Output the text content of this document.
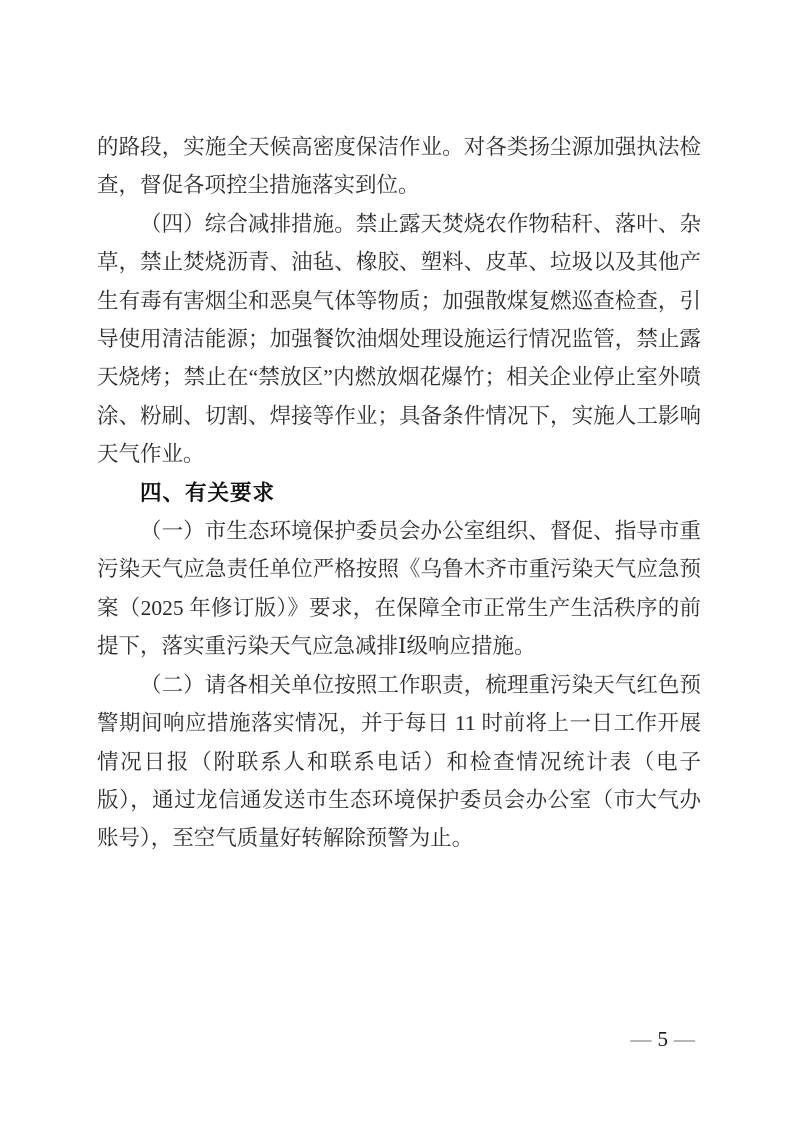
的路段，实施全天候高密度保洁作业。对各类扬尘源加强执法检查，督促各项控尘措施落实到位。

（四）综合减排措施。禁止露天焚烧农作物秸秆、落叶、杂草，禁止焚烧沥青、油毡、橡胶、塑料、皮革、垃圾以及其他产生有毒有害烟尘和恶臭气体等物质；加强散煤复燃巡查检查，引导使用清洁能源；加强餐饮油烟处理设施运行情况监管，禁止露天烧烤；禁止在“禁放区”内燃放烟花爆竹；相关企业停止室外喷涂、粉刷、切割、焊接等作业；具备条件情况下，实施人工影响天气作业。

四、有关要求

（一）市生态环境保护委员会办公室组织、督促、指导市重污染天气应急责任单位严格按照《乌鲁木齐市重污染天气应急预案（2025 年修订版）》要求，在保障全市正常生产生活秩序的前提下，落实重污染天气应急减排Ⅰ级响应措施。

（二）请各相关单位按照工作职责，梳理重污染天气红色预警期间响应措施落实情况，并于每日 11 时前将上一日工作开展情况日报（附联系人和联系电话）和检查情况统计表（电子版），通过龙信通发送市生态环境保护委员会办公室（市大气办账号），至空气质量好转解除预警为止。

— 5 —
